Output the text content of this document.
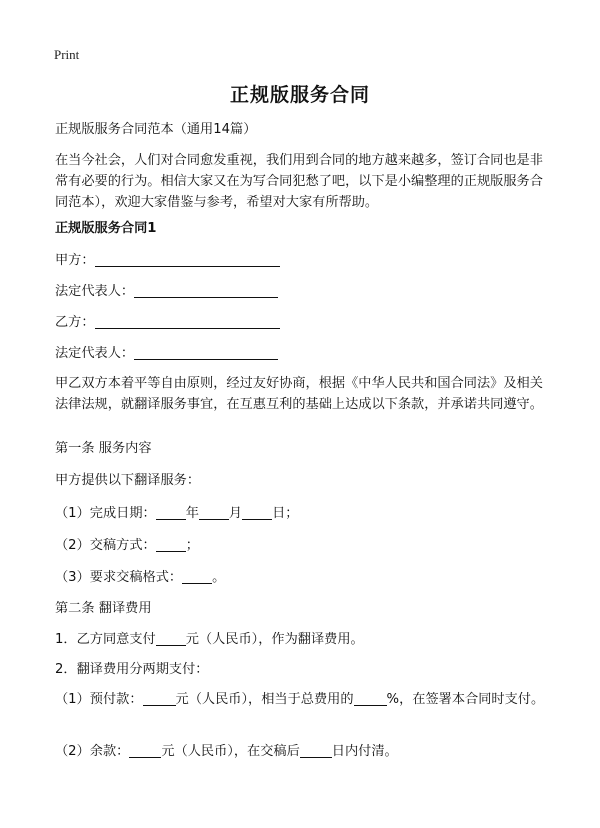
Print
正规版服务合同
正规版服务合同范本（通用14篇）
在当今社会，人们对合同愈发重视，我们用到合同的地方越来越多，签订合同也是非常有必要的行为。相信大家又在为写合同犯愁了吧，以下是小编整理的正规版服务合同范本），欢迎大家借鉴与参考，希望对大家有所帮助。
正规版服务合同1
甲方：
法定代表人：
乙方：
法定代表人：
甲乙双方本着平等自由原则，经过友好协商，根据《中华人民共和国合同法》及相关法律法规，就翻译服务事宜，在互惠互利的基础上达成以下条款，并承诺共同遵守。
第一条 服务内容
甲方提供以下翻译服务：
（1）完成日期： 年 月 日；
（2）交稿方式： ；
（3）要求交稿格式： 。
第二条 翻译费用
1．乙方同意支付 元（人民币），作为翻译费用。
2．翻译费用分两期支付：
（1）预付款：	元（人民币），相当于总费用的	%，在签署本合同时支付。
（2）余款： 元（人民币），在交稿后 日内付清。
